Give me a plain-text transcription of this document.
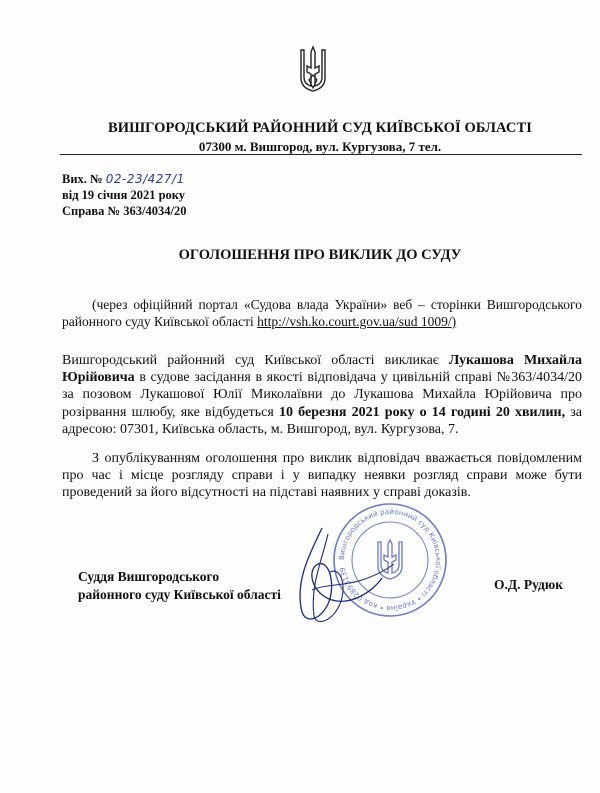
ВИШГОРОДСЬКИЙ РАЙОННИЙ СУД КИЇВСЬКОЇ ОБЛАСТІ
07300 м. Вишгород, вул. Кургузова, 7 тел.
Вих. № 02-23/427/1
від 19 січня 2021 року
Справа № 363/4034/20
ОГОЛОШЕННЯ ПРО ВИКЛИК ДО СУДУ
(через офіційний портал «Судова влада України» веб – сторінки Вишгородського районного суду Київської області http://vsh.ko.court.gov.ua/sud 1009/)

Вишгородський районний суд Київської області викликає Лукашова Михайла Юрійовича в судове засідання в якості відповідача у цивільній справі №363/4034/20 за позовом Лукашової Юлії Миколаївни до Лукашова Михайла Юрійовича про розірвання шлюбу, яке відбудеться 10 березня 2021 року о 14 годині 20 хвилин, за адресою: 07301, Київська область, м. Вишгород, вул. Кургузова, 7.

З опублікуванням оголошення про виклик відповідач вважається повідомленим про час і місце розгляду справи і у випадку неявки розгляд справи може бути проведений за його відсутності на підставі наявних у справі доказів.

Суддя Вишгородського
районного суду Київської області
Вишгородський районний суд Київської області • Україна • код 02893139
О.Д. Рудюк
